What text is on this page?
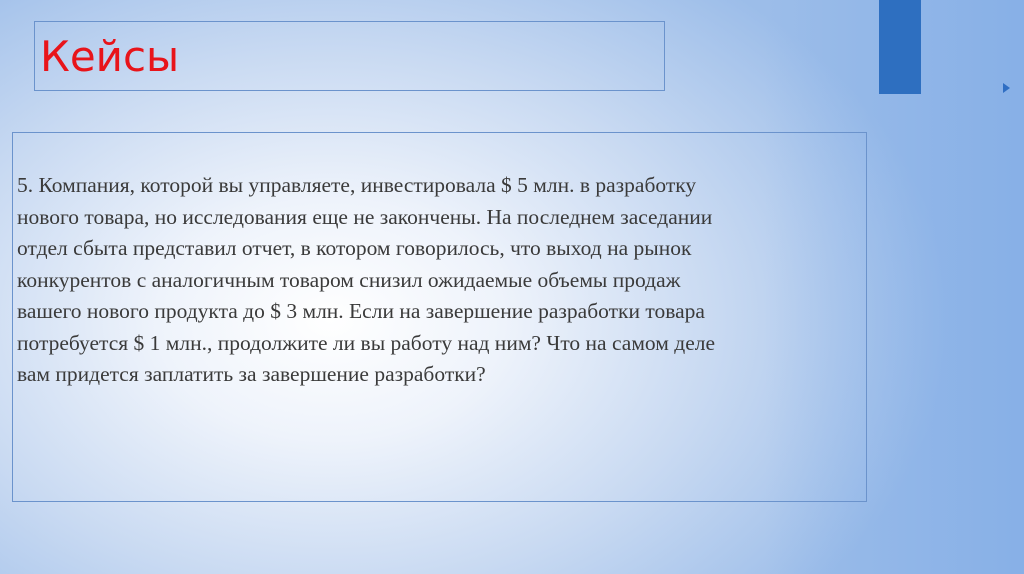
Кейсы

5. Компания, которой вы управляете, инвестировала $ 5 млн. в разработку
нового товара, но исследования еще не закончены. На последнем заседании
отдел сбыта представил отчет, в котором говорилось, что выход на рынок
конкурентов с аналогичным товаром снизил ожидаемые объемы продаж
вашего нового продукта до $ 3 млн. Если на завершение разработки товара
потребуется $ 1 млн., продолжите ли вы работу над ним? Что на самом деле
вам придется заплатить за завершение разработки?
